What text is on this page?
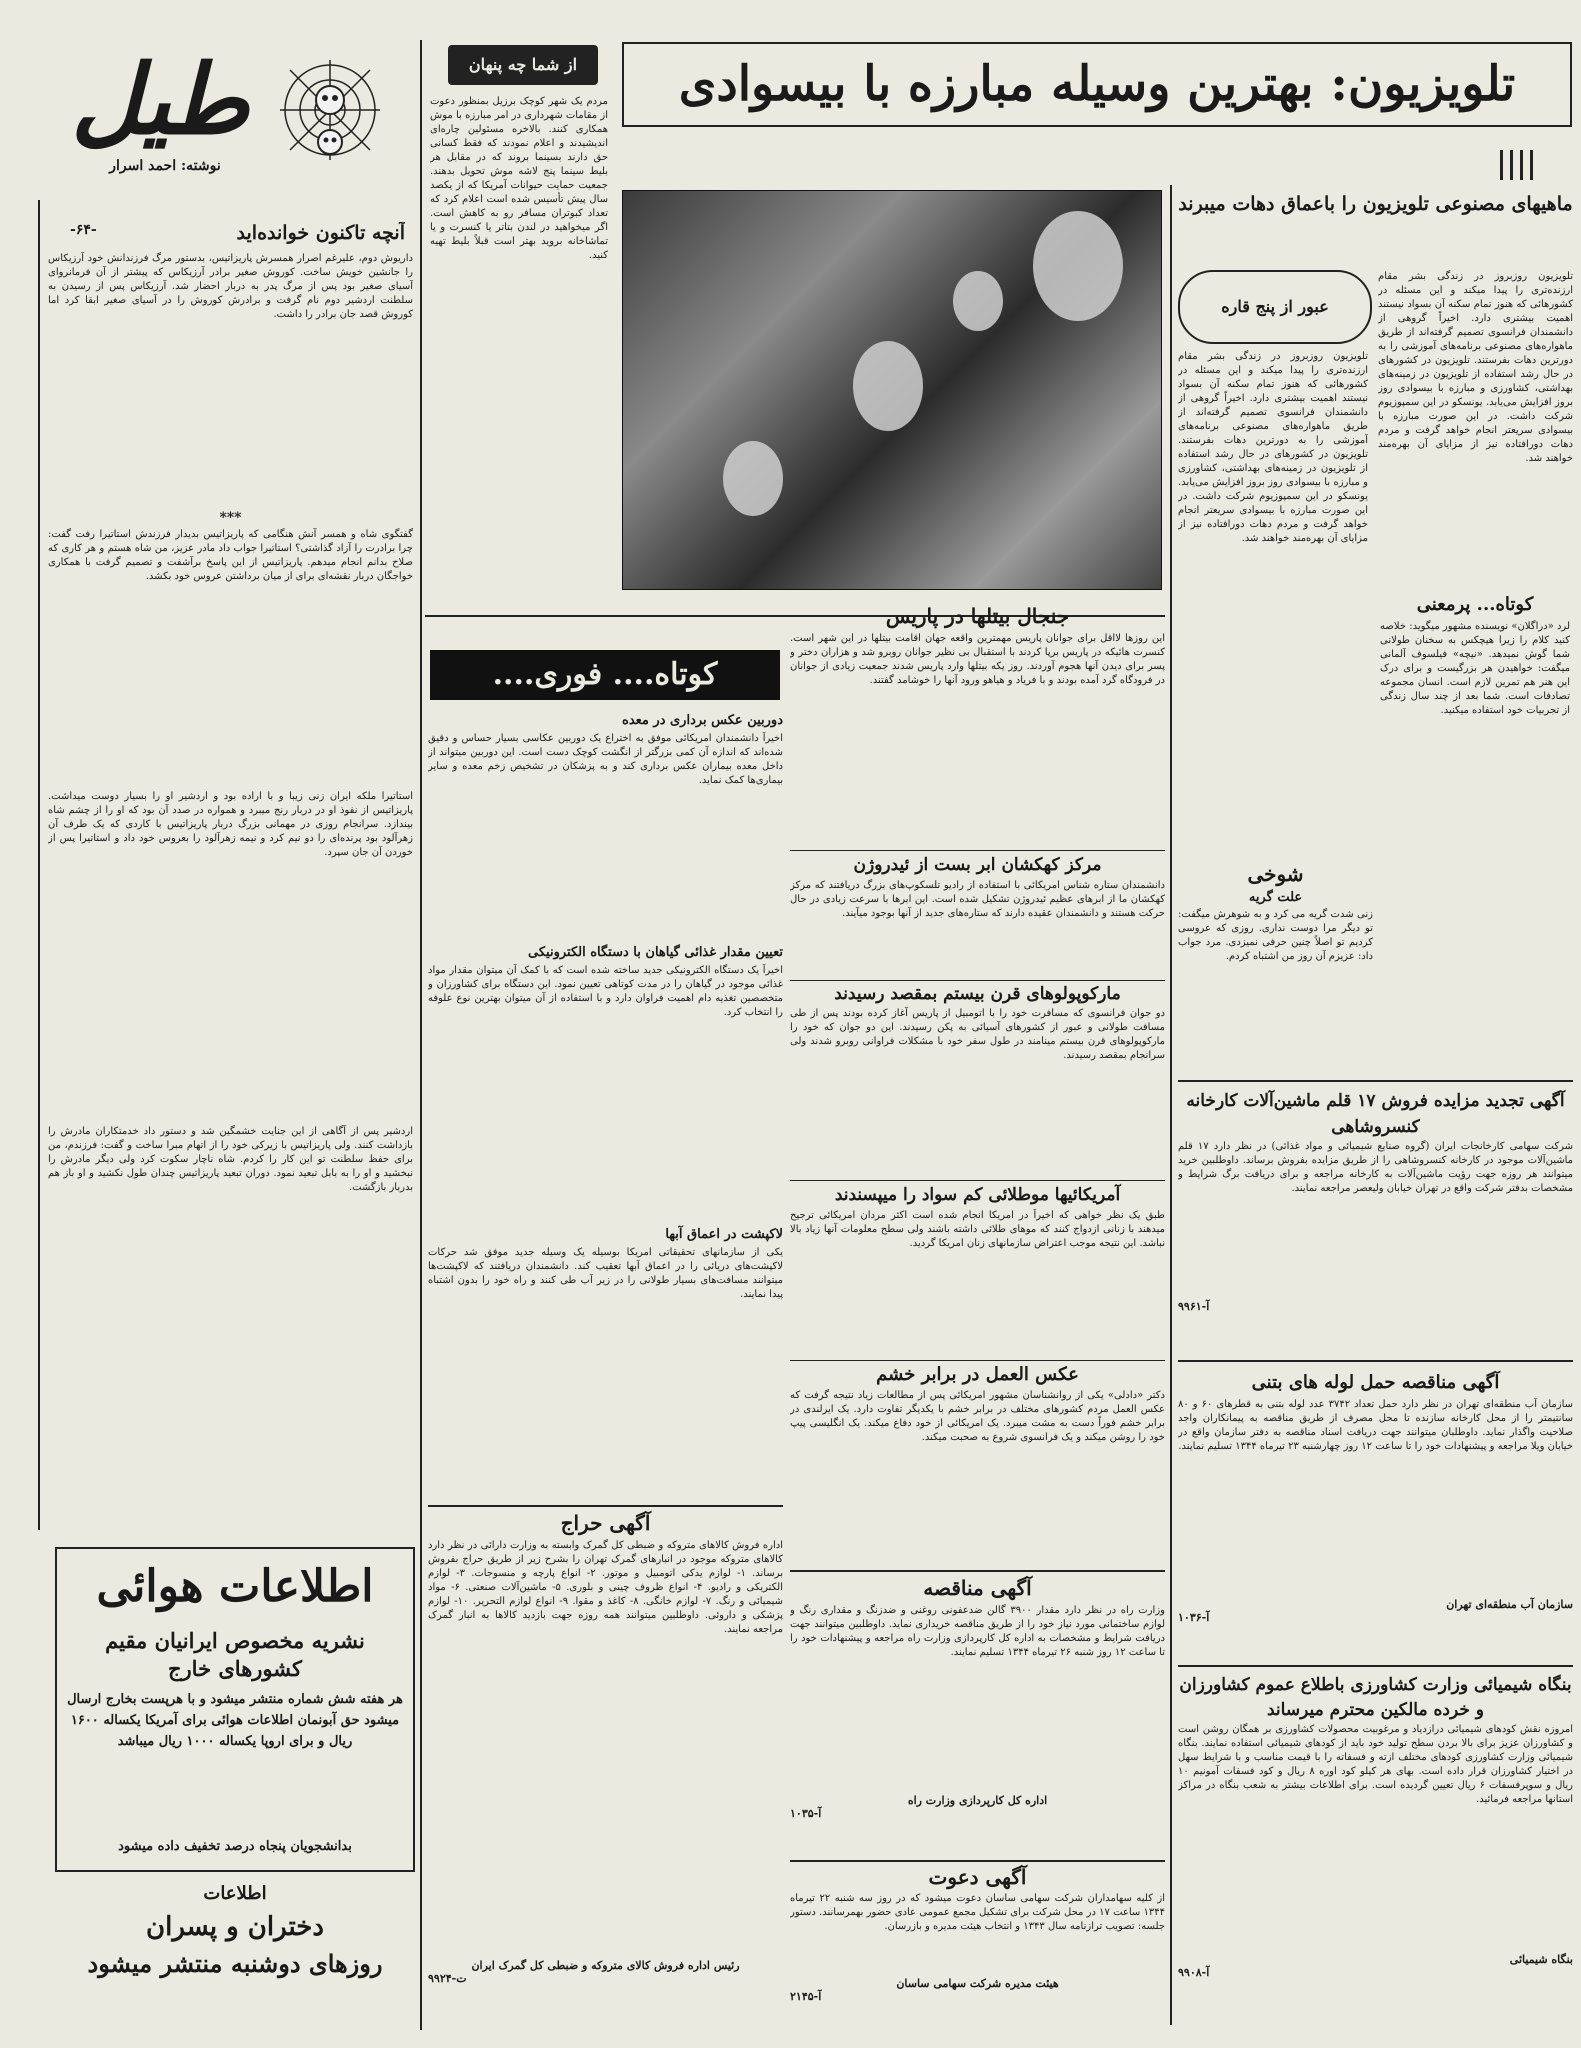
طیل
نوشته: احمد اسرار
-۶۴-	آنچه تاکنون خوانده‌اید
داریوش دوم، علیرغم اصرار همسرش پاریزاتیس، بدستور مرگ فرزندانش خود آرزیکاس را جانشین خویش ساخت. کوروش صغیر برادر آرزیکاس که پیشتر از آن فرمانروای آسیای صغیر بود پس از مرگ پدر به دربار احضار شد. آرزیکاس پس از رسیدن به سلطنت اردشیر دوم نام گرفت و برادرش کوروش را در آسیای صغیر ابقا کرد اما کوروش قصد جان برادر را داشت.
***
گفتگوی شاه و همسر آنش هنگامی که پاریزاتیس بدیدار فرزندش استاتیرا رفت گفت: چرا برادرت را آزاد گذاشتی؟ استاتیرا جواب داد مادر عزیز، من شاه هستم و هر کاری که صلاح بدانم انجام میدهم. پاریزاتیس از این پاسخ برآشفت و تصمیم گرفت با همکاری خواجگان دربار نقشه‌ای برای از میان برداشتن عروس خود بکشد.
استاتیرا ملکه ایران زنی زیبا و با اراده بود و اردشیر او را بسیار دوست میداشت. پاریزاتیس از نفوذ او در دربار رنج میبرد و همواره در صدد آن بود که او را از چشم شاه بیندازد. سرانجام روزی در مهمانی بزرگ دربار پاریزاتیس با کاردی که یک طرف آن زهرآلود بود پرنده‌ای را دو نیم کرد و نیمه زهرآلود را بعروس خود داد و استاتیرا پس از خوردن آن جان سپرد.
اردشیر پس از آگاهی از این جنایت خشمگین شد و دستور داد خدمتکاران مادرش را بازداشت کنند. ولی پاریزاتیس با زیرکی خود را از اتهام مبرا ساخت و گفت: فرزندم، من برای حفظ سلطنت تو این کار را کردم. شاه ناچار سکوت کرد ولی دیگر مادرش را نبخشید و او را به بابل تبعید نمود. دوران تبعید پاریزاتیس چندان طول نکشید و او باز هم بدربار بازگشت.
اطلاعات هوائی
نشریه مخصوص ایرانیان مقیم کشورهای خارج
هر هفته شش شماره منتشر میشود و با هرپست بخارج ارسال میشود حق آبونمان اطلاعات هوائی برای آمریکا یکساله ۱۶۰۰ ریال و برای اروپا یکساله ۱۰۰۰ ریال میباشد
بدانشجویان پنجاه درصد تخفیف داده میشود
اطلاعات
دختران و پسران
روزهای دوشنبه منتشر میشود
از شما چه پنهان
مردم یک شهر کوچک برزیل بمنظور دعوت از مقامات شهرداری در امر مبارزه با موش همکاری کنند. بالاخره مسئولین چاره‌ای اندیشیدند و اعلام نمودند که فقط کسانی حق دارند بسینما بروند که در مقابل هر بلیط سینما پنج لاشه موش تحویل بدهند. جمعیت حمایت حیوانات آمریکا که از یکصد سال پیش تأسیس شده است اعلام کرد که تعداد کبوتران مسافر رو به کاهش است. اگر میخواهید در لندن بتاتر یا کنسرت و یا تماشاخانه بروید بهتر است قبلاً بلیط تهیه کنید.
تلویزیون: بهترین وسیله مبارزه با بیسوادی
جنجال بیتلها در پاریس
این روزها لااقل برای جوانان پاریس مهمترین واقعه جهان اقامت بیتلها در این شهر است. کنسرت هائیکه در پاریس برپا کردند با استقبال بی نظیر جوانان روبرو شد و هزاران دختر و پسر برای دیدن آنها هجوم آوردند. روز یکه بیتلها وارد پاریس شدند جمعیت زیادی از جوانان در فرودگاه گرد آمده بودند و با فریاد و هیاهو ورود آنها را خوشامد گفتند.
ماهیهای مصنوعی تلویزیون را باعماق دهات میبرند
عبور از پنج قاره
تلویزیون روزبروز در زندگی بشر مقام ارزنده‌تری را پیدا میکند و این مسئله در کشورهائی که هنوز تمام سکنه آن بسواد نیستند اهمیت بیشتری دارد. اخیراً گروهی از دانشمندان فرانسوی تصمیم گرفته‌اند از طریق ماهواره‌های مصنوعی برنامه‌های آموزشی را به دورترین دهات بفرستند. تلویزیون در کشورهای در حال رشد استفاده از تلویزیون در زمینه‌های بهداشتی، کشاورزی و مبارزه با بیسوادی روز بروز افزایش می‌یابد. یونسکو در این سمپوزیوم شرکت داشت. در این صورت مبارزه با بیسوادی سریعتر انجام خواهد گرفت و مردم دهات دورافتاده نیز از مزایای آن بهره‌مند خواهند شد.
تلویزیون روزبروز در زندگی بشر مقام ارزنده‌تری را پیدا میکند و این مسئله در کشورهائی که هنوز تمام سکنه آن بسواد نیستند اهمیت بیشتری دارد. اخیراً گروهی از دانشمندان فرانسوی تصمیم گرفته‌اند از طریق ماهواره‌های مصنوعی برنامه‌های آموزشی را به دورترین دهات بفرستند. تلویزیون در کشورهای در حال رشد استفاده از تلویزیون در زمینه‌های بهداشتی، کشاورزی و مبارزه با بیسوادی روز بروز افزایش می‌یابد. یونسکو در این سمپوزیوم شرکت داشت. در این صورت مبارزه با بیسوادی سریعتر انجام خواهد گرفت و مردم دهات دورافتاده نیز از مزایای آن بهره‌مند خواهند شد.
کوتاه... پرمعنی
لرد «دراگلان» نویسنده مشهور میگوید: خلاصه کنید کلام را زیرا هیچکس به سخنان طولانی شما گوش نمیدهد. «نیچه» فیلسوف آلمانی میگفت: خواهیدن هر بزرگیست و برای درک این هنر هم تمرین لازم است. انسان مجموعه تصادفات است. شما بعد از چند سال زندگی از تجربیات خود استفاده میکنید.
شوخی
علت گریه
زنی شدت گریه می کرد و به شوهرش میگفت: تو دیگر مرا دوست نداری. روزی که عروسی کردیم تو اصلاً چنین حرفی نمیزدی. مرد جواب داد: عزیزم آن روز من اشتباه کردم.
آگهی تجدید مزایده فروش ۱۷ قلم ماشین‌آلات کارخانه کنسروشاهی
شرکت سهامی کارخانجات ایران (گروه صنایع شیمیائی و مواد غذائی) در نظر دارد ۱۷ قلم ماشین‌آلات موجود در کارخانه کنسروشاهی را از طریق مزایده بفروش برساند. داوطلبین خرید میتوانند هر روزه جهت رؤیت ماشین‌آلات به کارخانه مراجعه و برای دریافت برگ شرایط و مشخصات بدفتر شرکت واقع در تهران خیابان ولیعصر مراجعه نمایند.
آ-۹۹۶۱
آگهی مناقصه حمل لوله های بتنی
سازمان آب منطقه‌ای تهران در نظر دارد حمل تعداد ۳۷۴۲ عدد لوله بتنی به قطرهای ۶۰ و ۸۰ سانتیمتر را از محل کارخانه سازنده تا محل مصرف از طریق مناقصه به پیمانکاران واجد صلاحیت واگذار نماید. داوطلبان میتوانند جهت دریافت اسناد مناقصه به دفتر سازمان واقع در خیابان ویلا مراجعه و پیشنهادات خود را تا ساعت ۱۲ روز چهارشنبه ۲۳ تیرماه ۱۳۴۴ تسلیم نمایند.
سازمان آب منطقه‌ای تهران
آ-۱۰۳۶
بنگاه شیمیائی وزارت کشاورزی باطلاع عموم کشاورزان و خرده مالکین محترم میرساند
امروزه نقش کودهای شیمیائی درازدیاد و مرغوبیت محصولات کشاورزی بر همگان روشن است و کشاورزان عزیز برای بالا بردن سطح تولید خود باید از کودهای شیمیائی استفاده نمایند. بنگاه شیمیائی وزارت کشاورزی کودهای مختلف ازته و فسفاته را با قیمت مناسب و با شرایط سهل در اختیار کشاورزان قرار داده است. بهای هر کیلو کود اوره ۸ ریال و کود فسفات آمونیم ۱۰ ریال و سوپرفسفات ۶ ریال تعیین گردیده است. برای اطلاعات بیشتر به شعب بنگاه در مراکز استانها مراجعه فرمائید.
بنگاه شیمیائی
آ-۹۹۰۸
کوتاه.... فوری....
دوربین عکس برداری در معده
اخیراً دانشمندان امریکائی موفق به اختراع یک دوربین عکاسی بسیار حساس و دقیق شده‌اند که اندازه آن کمی بزرگتر از انگشت کوچک دست است. این دوربین میتواند از داخل معده بیماران عکس برداری کند و به پزشکان در تشخیص زخم معده و سایر بیماری‌ها کمک نماید.
تعیین مقدار غذائی گیاهان با دستگاه الکترونیکی
اخیراً یک دستگاه الکترونیکی جدید ساخته شده است که با کمک آن میتوان مقدار مواد غذائی موجود در گیاهان را در مدت کوتاهی تعیین نمود. این دستگاه برای کشاورزان و متخصصین تغذیه دام اهمیت فراوان دارد و با استفاده از آن میتوان بهترین نوع علوفه را انتخاب کرد.
لاکپشت در اعماق آبها
یکی از سازمانهای تحقیقاتی امریکا بوسیله یک وسیله جدید موفق شد حرکات لاکپشت‌های دریائی را در اعماق آبها تعقیب کند. دانشمندان دریافتند که لاکپشت‌ها میتوانند مسافت‌های بسیار طولانی را در زیر آب طی کنند و راه خود را بدون اشتباه پیدا نمایند.
مرکز کهکشان ابر بست از ئیدروژن
دانشمندان ستاره شناس امریکائی با استفاده از رادیو تلسکوپ‌های بزرگ دریافتند که مرکز کهکشان ما از ابرهای عظیم ئیدروژن تشکیل شده است. این ابرها با سرعت زیادی در حال حرکت هستند و دانشمندان عقیده دارند که ستاره‌های جدید از آنها بوجود میآیند.
مارکوپولوهای قرن بیستم بمقصد رسیدند
دو جوان فرانسوی که مسافرت خود را با اتومبیل از پاریس آغاز کرده بودند پس از طی مسافت طولانی و عبور از کشورهای آسیائی به پکن رسیدند. این دو جوان که خود را مارکوپولوهای قرن بیستم مینامند در طول سفر خود با مشکلات فراوانی روبرو شدند ولی سرانجام بمقصد رسیدند.
آمریکائیها موطلائی کم سواد را میپسندند
طبق یک نظر خواهی که اخیراً در امریکا انجام شده است اکثر مردان امریکائی ترجیح میدهند با زنانی ازدواج کنند که موهای طلائی داشته باشند ولی سطح معلومات آنها زیاد بالا نباشد. این نتیجه موجب اعتراض سازمانهای زنان امریکا گردید.
عکس العمل در برابر خشم
دکتر «دادلی» یکی از روانشناسان مشهور امریکائی پس از مطالعات زیاد نتیجه گرفت که عکس العمل مردم کشورهای مختلف در برابر خشم با یکدیگر تفاوت دارد. یک ایرلندی در برابر خشم فوراً دست به مشت میبرد. یک امریکائی از خود دفاع میکند. یک انگلیسی پیپ خود را روشن میکند و یک فرانسوی شروع به صحبت میکند.
آگهی حراج
اداره فروش کالاهای متروکه و ضبطی کل گمرک وابسته به وزارت دارائی در نظر دارد کالاهای متروکه موجود در انبارهای گمرک تهران را بشرح زیر از طریق حراج بفروش برساند. ۱- لوازم یدکی اتومبیل و موتور. ۲- انواع پارچه و منسوجات. ۳- لوازم الکتریکی و رادیو. ۴- انواع ظروف چینی و بلوری. ۵- ماشین‌آلات صنعتی. ۶- مواد شیمیائی و رنگ. ۷- لوازم خانگی. ۸- کاغذ و مقوا. ۹- انواع لوازم التحریر. ۱۰- لوازم پزشکی و داروئی. داوطلبین میتوانند همه روزه جهت بازدید کالاها به انبار گمرک مراجعه نمایند.
رئیس اداره فروش کالای متروکه و ضبطی کل گمرک ایران
ت-۹۹۲۴
آگهی مناقصه
وزارت راه در نظر دارد مقدار ۳۹۰۰ گالن ضدعفونی روغنی و ضدزنگ و مقداری رنگ و لوازم ساختمانی مورد نیاز خود را از طریق مناقصه خریداری نماید. داوطلبین میتوانند جهت دریافت شرایط و مشخصات به اداره کل کارپردازی وزارت راه مراجعه و پیشنهادات خود را تا ساعت ۱۲ روز شنبه ۲۶ تیرماه ۱۳۴۴ تسلیم نمایند.
اداره کل کارپردازی وزارت راه
آ-۱۰۳۵
آگهی دعوت
از کلیه سهامداران شرکت سهامی ساسان دعوت میشود که در روز سه شنبه ۲۲ تیرماه ۱۳۴۴ ساعت ۱۷ در محل شرکت برای تشکیل مجمع عمومی عادی حضور بهمرسانند. دستور جلسه: تصویب ترازنامه سال ۱۳۴۳ و انتخاب هیئت مدیره و بازرسان.
هیئت مدیره شرکت سهامی ساسان
آ-۲۱۴۵
